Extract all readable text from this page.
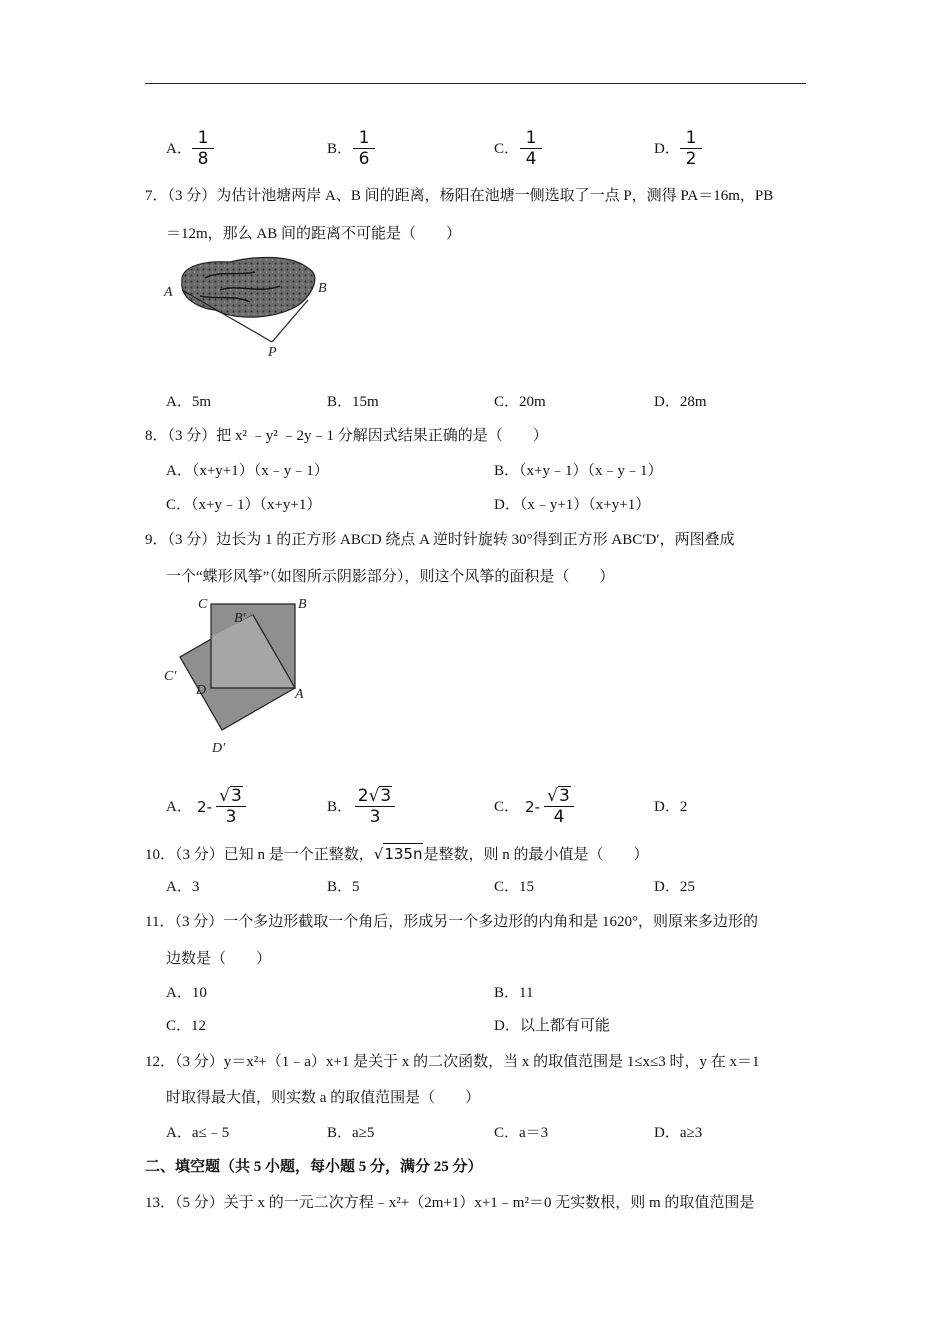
A．
1
8	B．
1
6	C．
1
4	D．
1
2
7．（3 分）为估计池塘两岸 A、B 间的距离，杨阳在池塘一侧选取了一点 P，测得 PA＝16m，PB
＝12m，那么 AB 间的距离不可能是（　　）
A	B
P
A．5m	B．15m	C．20m	D．28m
8．（3 分）把 x² ﹣y² ﹣2y﹣1 分解因式结果正确的是（　　）
A．（x+y+1）（x﹣y﹣1）	B．（x+y﹣1）（x﹣y﹣1）
C．（x+y﹣1）（x+y+1）	D．（x﹣y+1）（x+y+1）
9．（3 分）边长为 1 的正方形 ABCD 绕点 A 逆时针旋转 30°得到正方形 ABC′D′，两图叠成
一个“蝶形风筝”（如图所示阴影部分），则这个风筝的面积是（　　）
C	B
B′
C′
D	A
D′
A． 2-
√3
3	B．
2√3
3	C． 2-
√3
4	D．2
10．（3 分）已知 n 是一个正整数，√135n是整数，则 n 的最小值是（　　）
A．3	B．5	C．15	D．25
11．（3 分）一个多边形截取一个角后，形成另一个多边形的内角和是 1620°，则原来多边形的
边数是（　　）
A．10	B．11
C．12	D．以上都有可能
12．（3 分）y＝x²+（1﹣a）x+1 是关于 x 的二次函数，当 x 的取值范围是 1≤x≤3 时，y 在 x＝1
时取得最大值，则实数 a 的取值范围是（　　）
A．a≤﹣5	B．a≥5	C．a＝3	D．a≥3
二、填空题（共 5 小题，每小题 5 分，满分 25 分）
13．（5 分）关于 x 的一元二次方程﹣x²+（2m+1）x+1﹣m²＝0 无实数根，则 m 的取值范围是
